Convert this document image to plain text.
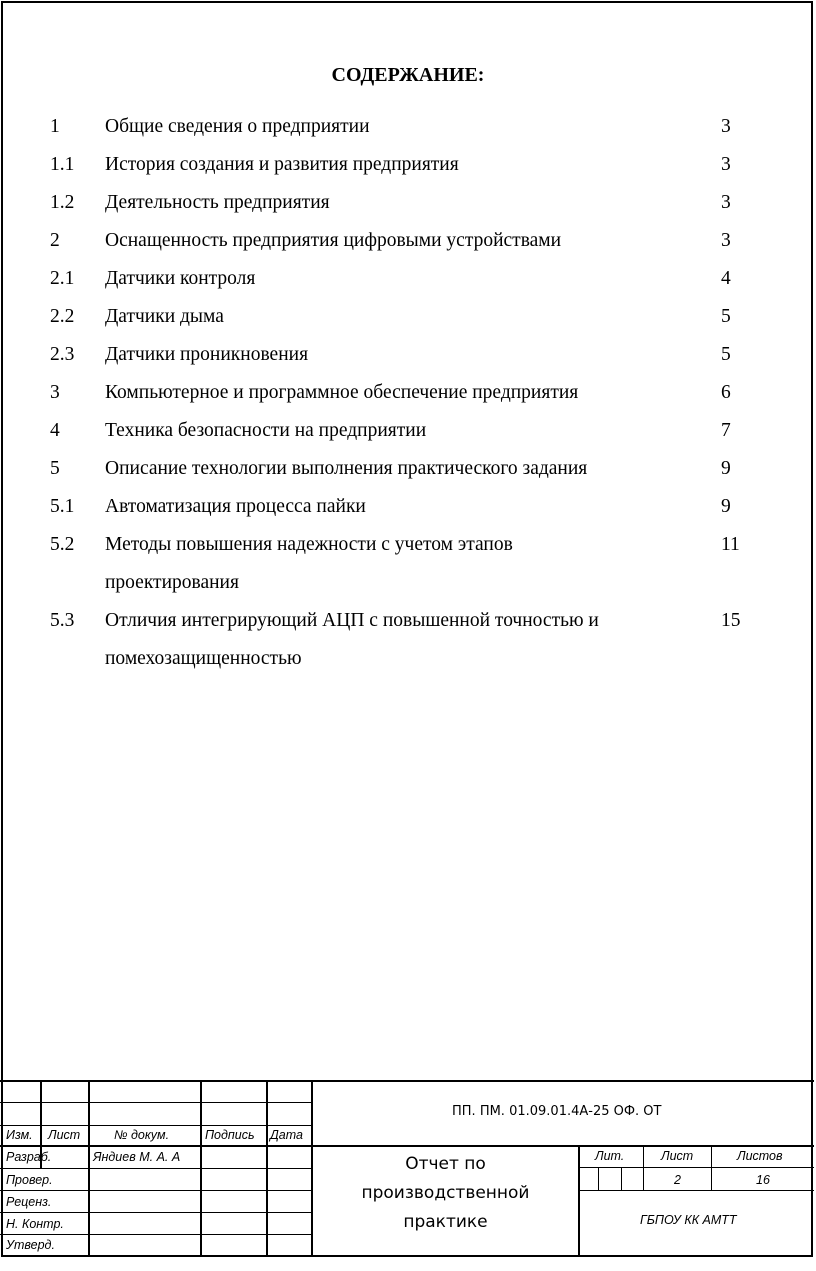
СОДЕРЖАНИЕ:
1 Общие сведения о предприятии	3
1.1 История создания и развития предприятия	3
1.2 Деятельность предприятия	3
2 Оснащенность предприятия цифровыми устройствами	3
2.1 Датчики контроля	4
2.2 Датчики дыма	5
2.3 Датчики проникновения	5
3 Компьютерное и программное обеспечение предприятия	6
4 Техника безопасности на предприятии	7
5 Описание технологии выполнения практического задания	9
5.1 Автоматизация процесса пайки	9
5.2 Методы повышения надежности с учетом этапов	11
проектирования
5.3 Отличия интегрирующий АЦП с повышенной точностью и	15
помехозащищенностью
Изм. Лист	№ докум.	Подпись Дата
ПП. ПМ. 01.09.01.4А-25 ОФ. ОТ
Разраб.	Яндиев М. А. А
Провер.
Реценз.
Н. Контр.
Утверд.
Отчет по
производственной
практике
Лит.	Лист	Листов
2	16
ГБПОУ КК АМТТ
